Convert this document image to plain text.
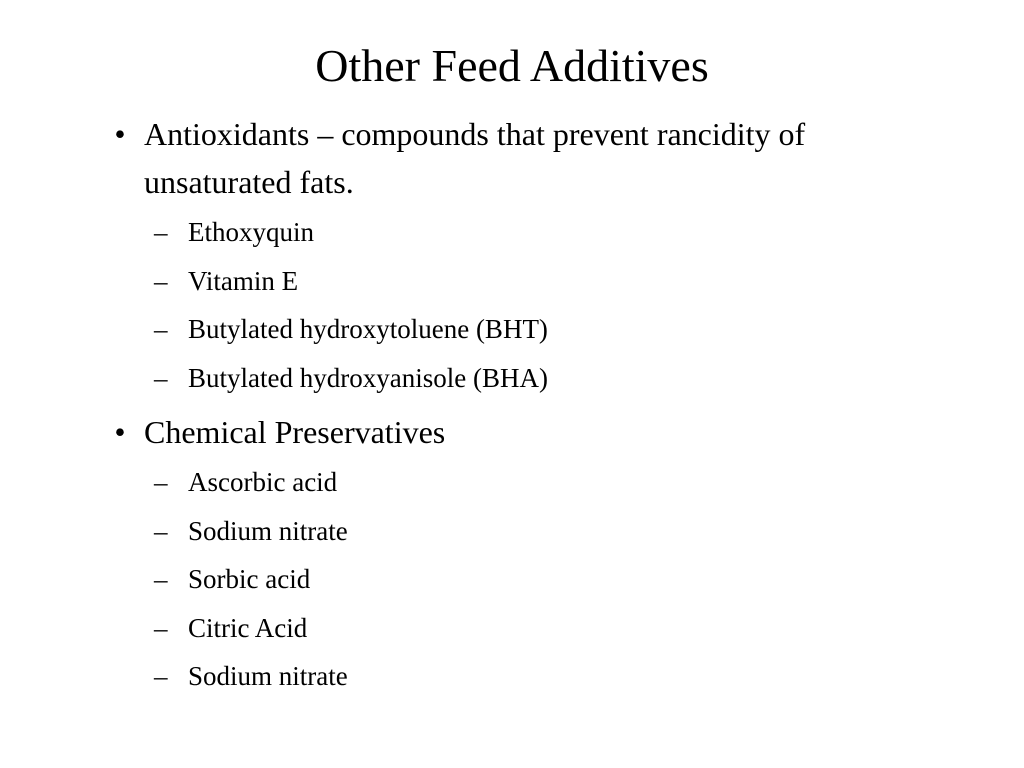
Other Feed Additives

• Antioxidants – compounds that prevent rancidity of unsaturated fats.

– Ethoxyquin
– Vitamin E
– Butylated hydroxytoluene (BHT)
– Butylated hydroxyanisole (BHA)

• Chemical Preservatives

– Ascorbic acid
– Sodium nitrate
– Sorbic acid
– Citric Acid
– Sodium nitrate
